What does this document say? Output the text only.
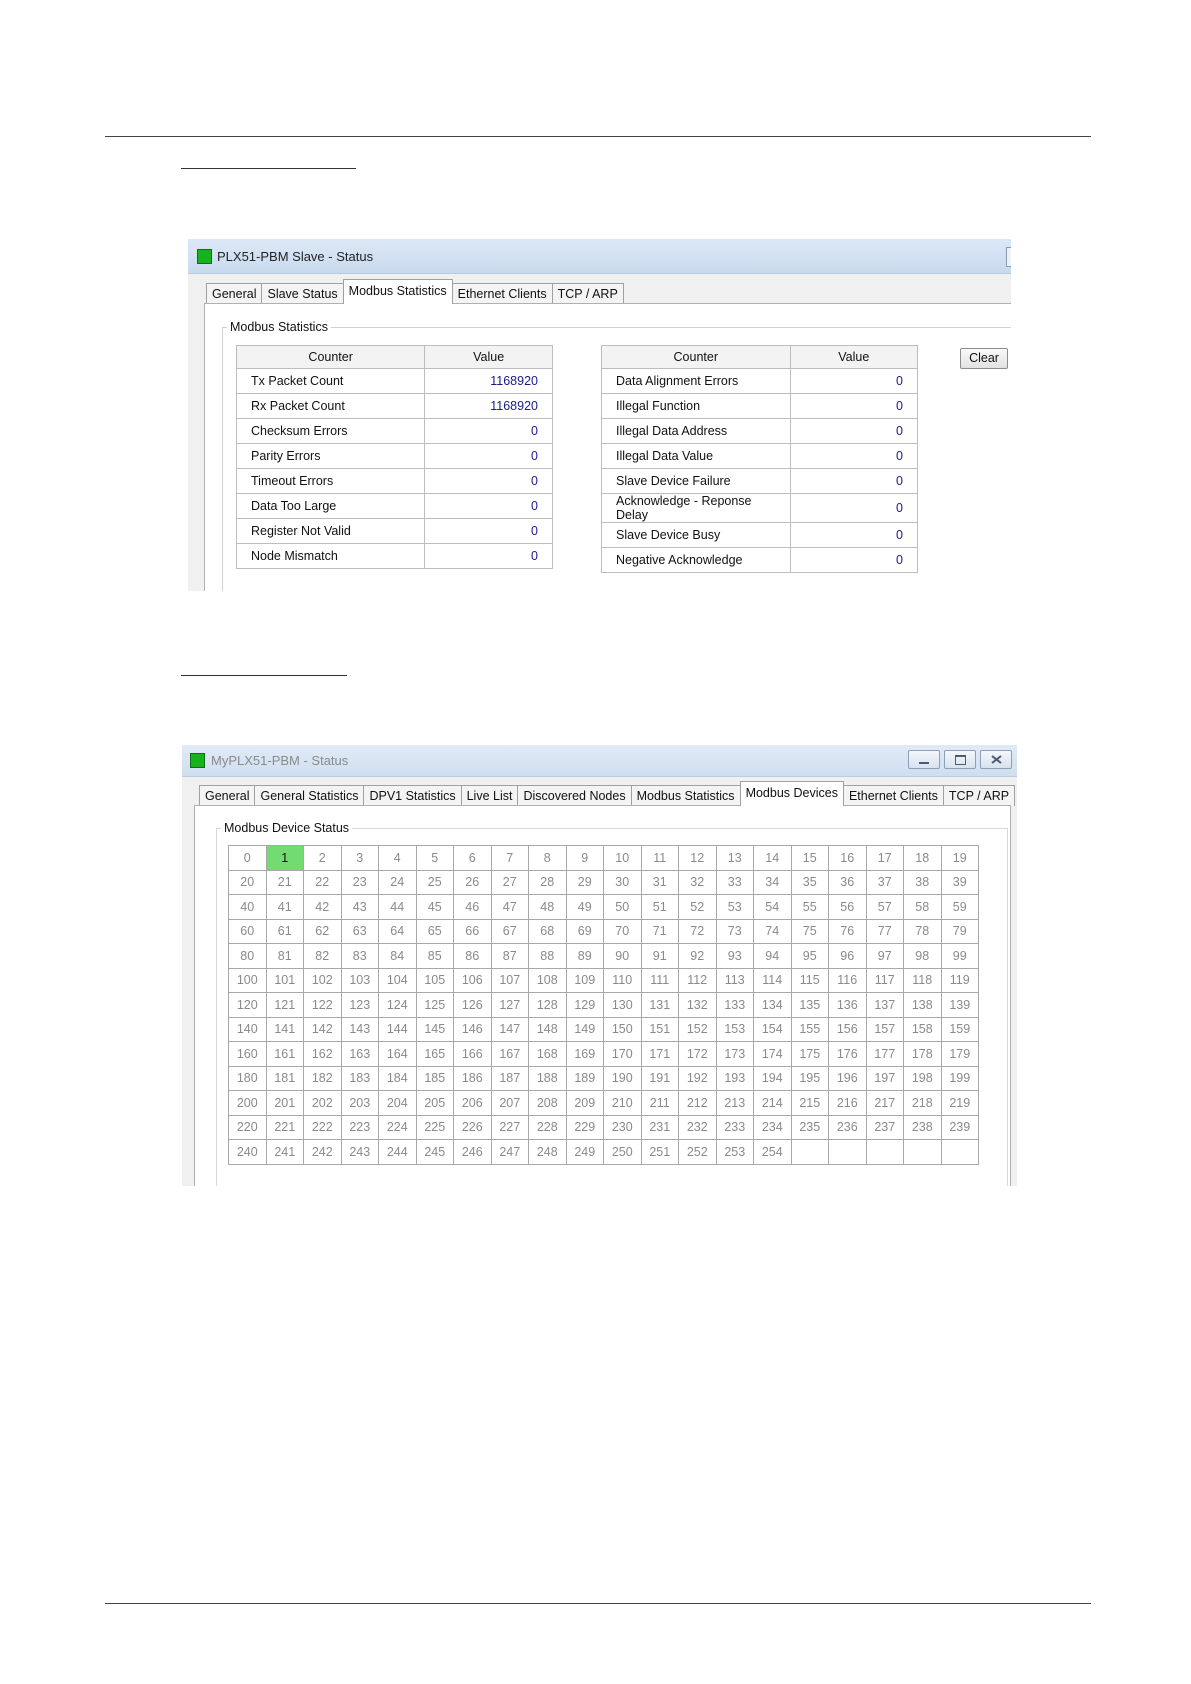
PLX51-PBM Slave - Status
General Slave Status Modbus Statistics Ethernet Clients TCP / ARP
Modbus Statistics
Counter	Value
Tx Packet Count	1168920
Rx Packet Count	1168920
Checksum Errors	0
Parity Errors	0
Timeout Errors	0
Data Too Large	0
Register Not Valid	0
Node Mismatch	0
Counter	Value
Data Alignment Errors	0
Illegal Function	0
Illegal Data Address	0
Illegal Data Value	0
Slave Device Failure	0
Acknowledge - Reponse Delay	0
Slave Device Busy	0
Negative Acknowledge	0
Clear
MyPLX51-PBM - Status
General General Statistics DPV1 Statistics Live List Discovered Nodes Modbus Statistics Modbus Devices Ethernet Clients TCP / ARP
Modbus Device Status
0	1	2	3	4	5	6	7	8	9	10	11	12	13	14	15	16	17	18	19
20	21	22	23	24	25	26	27	28	29	30	31	32	33	34	35	36	37	38	39
40	41	42	43	44	45	46	47	48	49	50	51	52	53	54	55	56	57	58	59
60	61	62	63	64	65	66	67	68	69	70	71	72	73	74	75	76	77	78	79
80	81	82	83	84	85	86	87	88	89	90	91	92	93	94	95	96	97	98	99
100	101	102	103	104	105	106	107	108	109	110	111	112	113	114	115	116	117	118	119
120	121	122	123	124	125	126	127	128	129	130	131	132	133	134	135	136	137	138	139
140	141	142	143	144	145	146	147	148	149	150	151	152	153	154	155	156	157	158	159
160	161	162	163	164	165	166	167	168	169	170	171	172	173	174	175	176	177	178	179
180	181	182	183	184	185	186	187	188	189	190	191	192	193	194	195	196	197	198	199
200	201	202	203	204	205	206	207	208	209	210	211	212	213	214	215	216	217	218	219
220	221	222	223	224	225	226	227	228	229	230	231	232	233	234	235	236	237	238	239
240	241	242	243	244	245	246	247	248	249	250	251	252	253	254					
